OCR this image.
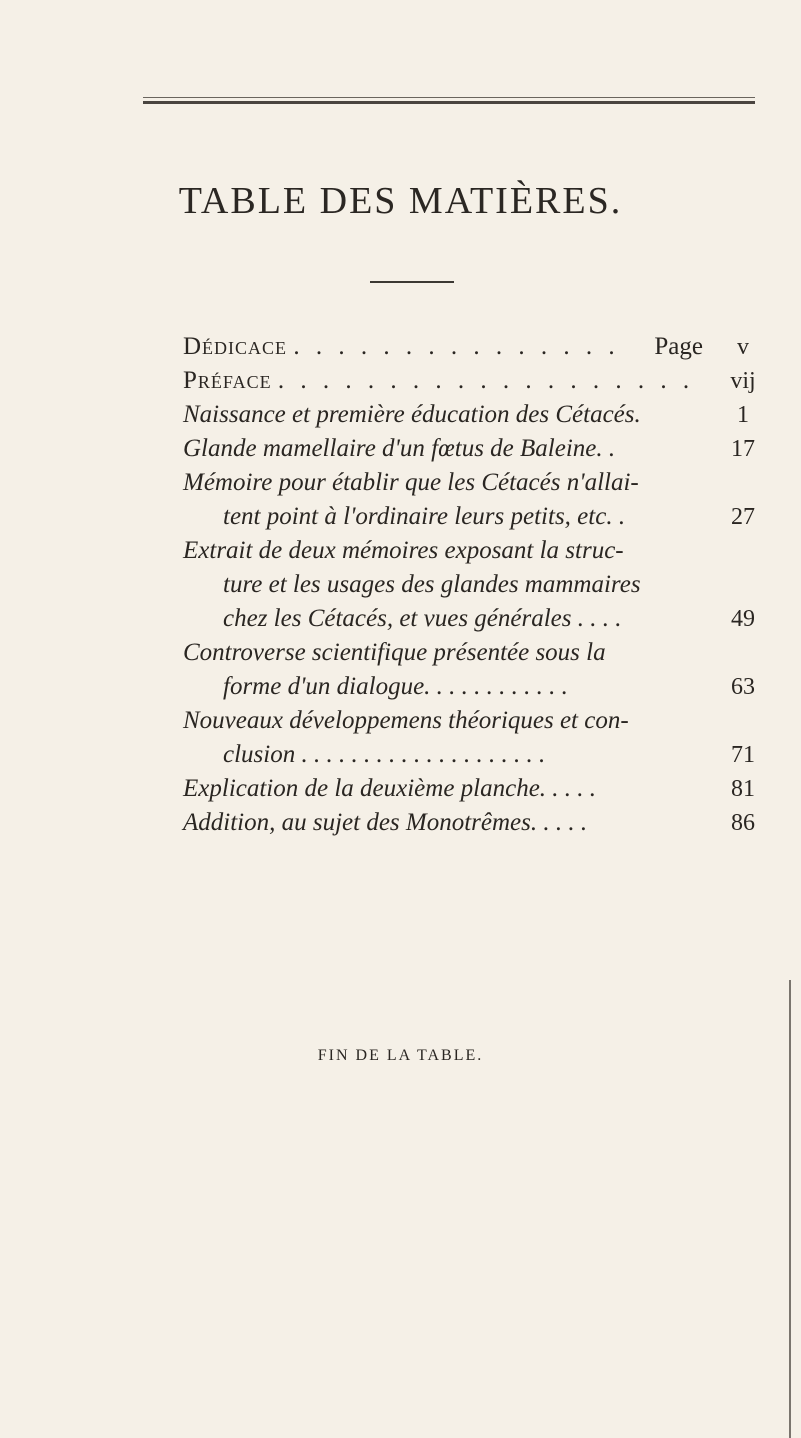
TABLE DES MATIÈRES.
Dédicace . . . . . . . . . . . . . . . Page	v
Préface . . . . . . . . . . . . . . . . . . .	vij
Naissance et première éducation des Cétacés.	1
Glande mamellaire d'un fœtus de Baleine. .	17
Mémoire pour établir que les Cétacés n'allai-
tent point à l'ordinaire leurs petits, etc. .	27
Extrait de deux mémoires exposant la struc-
ture et les usages des glandes mammaires
chez les Cétacés, et vues générales . . . .	49
Controverse scientifique présentée sous la
forme d'un dialogue. . . . . . . . . . . .	63
Nouveaux développemens théoriques et con-
clusion . . . . . . . . . . . . . . . . . . . .	71
Explication de la deuxième planche. . . . .	81
Addition, au sujet des Monotrêmes. . . . .	86
FIN DE LA TABLE.
